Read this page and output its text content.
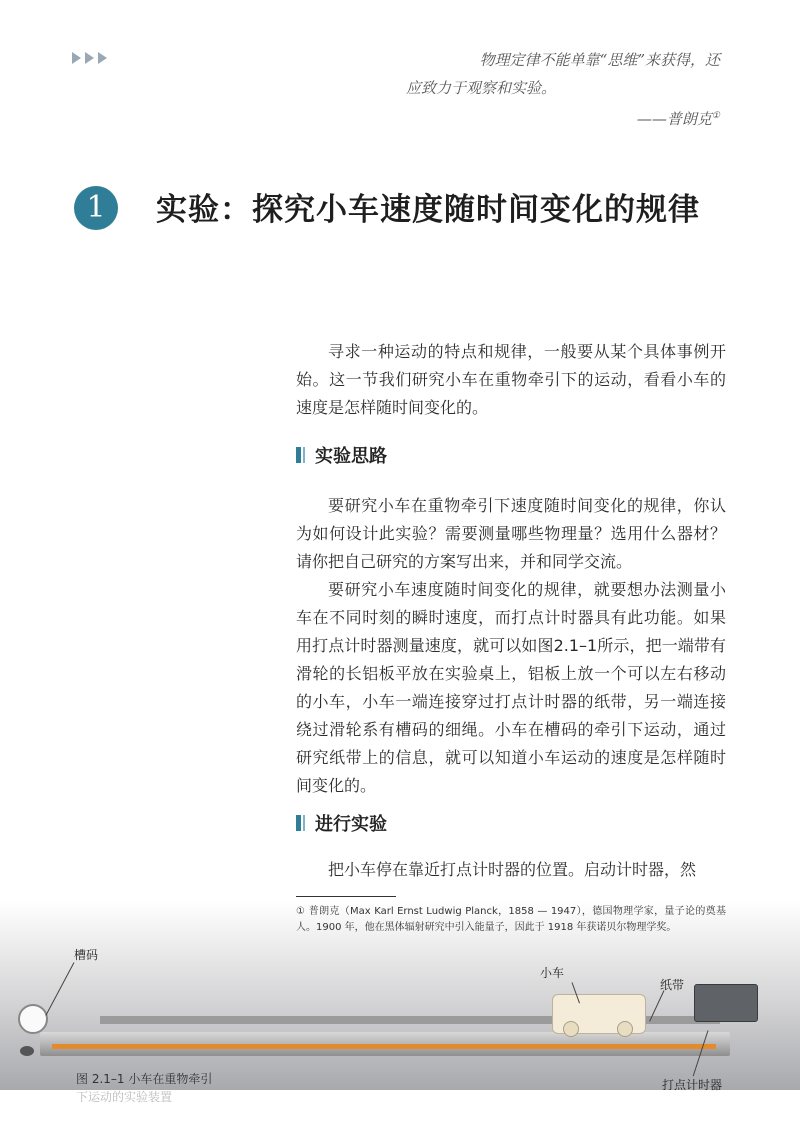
物理定律不能单靠“思维”来获得，还
应致力于观察和实验。
——普朗克①
1	实验：探究小车速度随时间变化的规律

寻求一种运动的特点和规律，一般要从某个具体事例开始。这一节我们研究小车在重物牵引下的运动，看看小车的速度是怎样随时间变化的。

实验思路

要研究小车在重物牵引下速度随时间变化的规律，你认为如何设计此实验？需要测量哪些物理量？选用什么器材？请你把自己研究的方案写出来，并和同学交流。

要研究小车速度随时间变化的规律，就要想办法测量小车在不同时刻的瞬时速度，而打点计时器具有此功能。如果用打点计时器测量速度，就可以如图2.1–1所示，把一端带有滑轮的长铝板平放在实验桌上，铝板上放一个可以左右移动的小车，小车一端连接穿过打点计时器的纸带，另一端连接绕过滑轮系有槽码的细绳。小车在槽码的牵引下运动，通过研究纸带上的信息，就可以知道小车运动的速度是怎样随时间变化的。

进行实验

把小车停在靠近打点计时器的位置。启动计时器，然

槽码
小车
纸带
打点计时器
图 2.1–1 小车在重物牵引
下运动的实验装置
① 普朗克（Max Karl Ernst Ludwig Planck，1858 — 1947），德国物理学家，量子论的奠基人。1900 年，他在黑体辐射研究中引入能量子，因此于 1918 年获诺贝尔物理学奖。
